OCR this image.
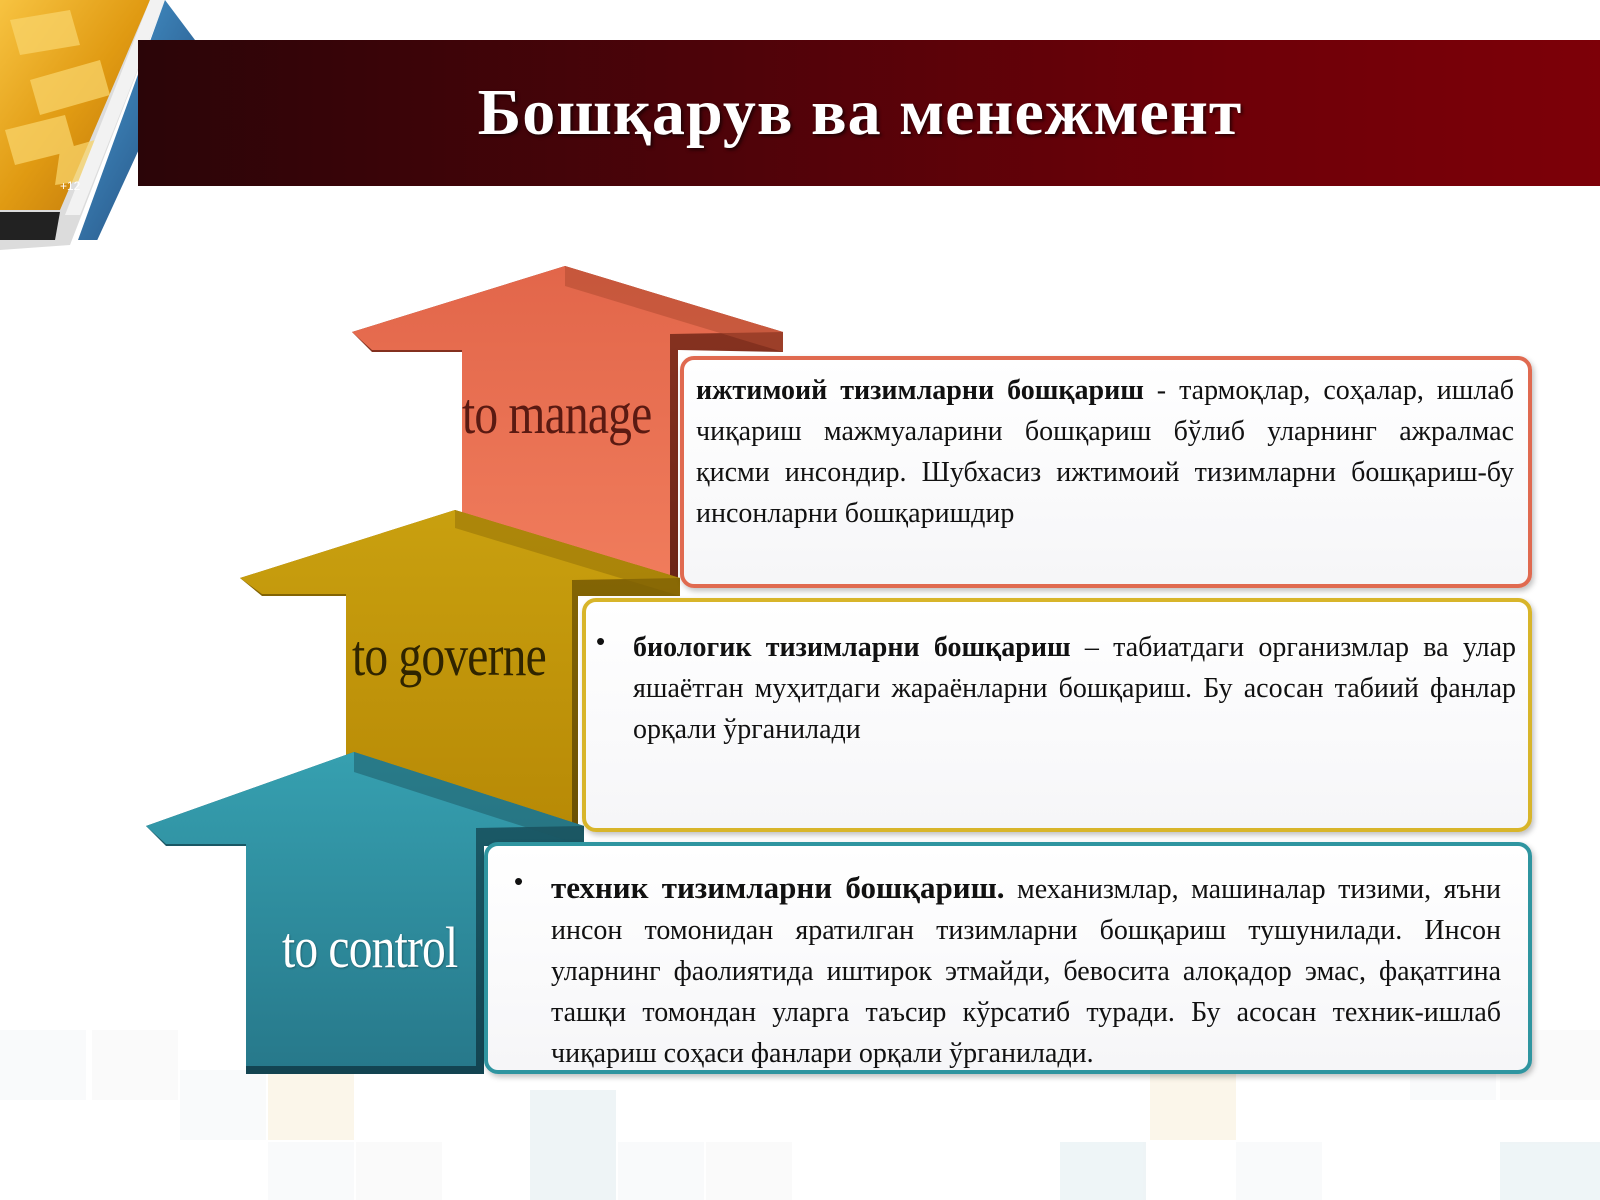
+12
Бошқарув ва менежмент
to manage
to governe
to control

ижтимоий тизимларни бошқариш - тармоқлар, соҳалар, ишлаб чиқариш мажмуаларини бошқариш бўлиб уларнинг ажралмас қисми инсондир. Шубхасиз ижтимоий тизимларни бошқариш-бу инсонларни бошқаришдир

• биологик тизимларни бошқариш – табиатдаги организмлар ва улар яшаётган муҳитдаги жараёнларни бошқариш. Бу асосан табиий фанлар орқали ўрганилади

• техник тизимларни бошқариш. механизмлар, машиналар тизими, яъни инсон томонидан яратилган тизимларни бошқариш тушунилади. Инсон уларнинг фаолиятида иштирок этмайди, бевосита алоқадор эмас, фақатгина ташқи томондан уларга таъсир кўрсатиб туради. Бу асосан техник-ишлаб чиқариш соҳаси фанлари орқали ўрганилади.
